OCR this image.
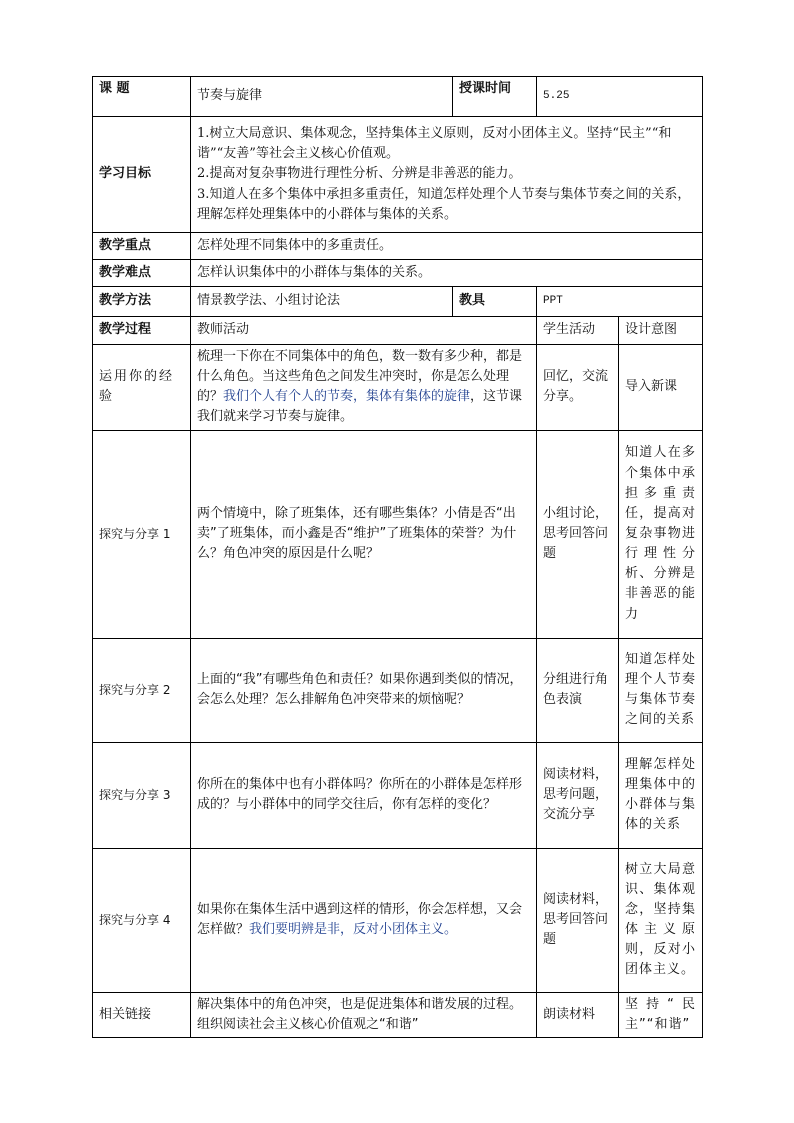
课 题	节奏与旋律	授课时间	5.25	
学习目标	1.树立大局意识、集体观念，坚持集体主义原则，反对小团体主义。坚持“民主”“和谐”“友善”等社会主义核心价值观。
2.提高对复杂事物进行理性分析、分辨是非善恶的能力。
3.知道人在多个集体中承担多重责任，知道怎样处理个人节奏与集体节奏之间的关系，理解怎样处理集体中的小群体与集体的关系。			

教学重点	怎样处理不同集体中的多重责任。			
教学难点	怎样认识集体中的小群体与集体的关系。			
教学方法	情景教学法、小组讨论法	教具	PPT	
教学过程	教师活动		学生活动	设计意图
运用你的经验	梳理一下你在不同集体中的角色，数一数有多少种，都是什么角色。当这些角色之间发生冲突时，你是怎么处理的？我们个人有个人的节奏，集体有集体的旋律，这节课我们就来学习节奏与旋律。		回忆，交流分享。	导入新课
探究与分享 1	两个情境中，除了班集体，还有哪些集体？小倩是否“出卖”了班集体，而小鑫是否“维护”了班集体的荣誉？为什么？角色冲突的原因是什么呢？		小组讨论，思考回答问题	知道人在多个集体中承担多重责任，提高对复杂事物进行理性分析、分辨是非善恶的能力
探究与分享 2	上面的“我”有哪些角色和责任？如果你遇到类似的情况，会怎么处理？怎么排解角色冲突带来的烦恼呢？		分组进行角色表演	知道怎样处理个人节奏与集体节奏之间的关系
探究与分享 3	你所在的集体中也有小群体吗？你所在的小群体是怎样形成的？与小群体中的同学交往后，你有怎样的变化？		阅读材料，思考问题，交流分享	理解怎样处理集体中的小群体与集体的关系
探究与分享 4	如果你在集体生活中遇到这样的情形，你会怎样想，又会怎样做？我们要明辨是非，反对小团体主义。		阅读材料，思考回答问题	树立大局意识、集体观念，坚持集体主义原则，反对小团体主义。
相关链接	解决集体中的角色冲突，也是促进集体和谐发展的过程。组织阅读社会主义核心价值观之“和谐”		朗读材料	坚持“民主”“和谐”
